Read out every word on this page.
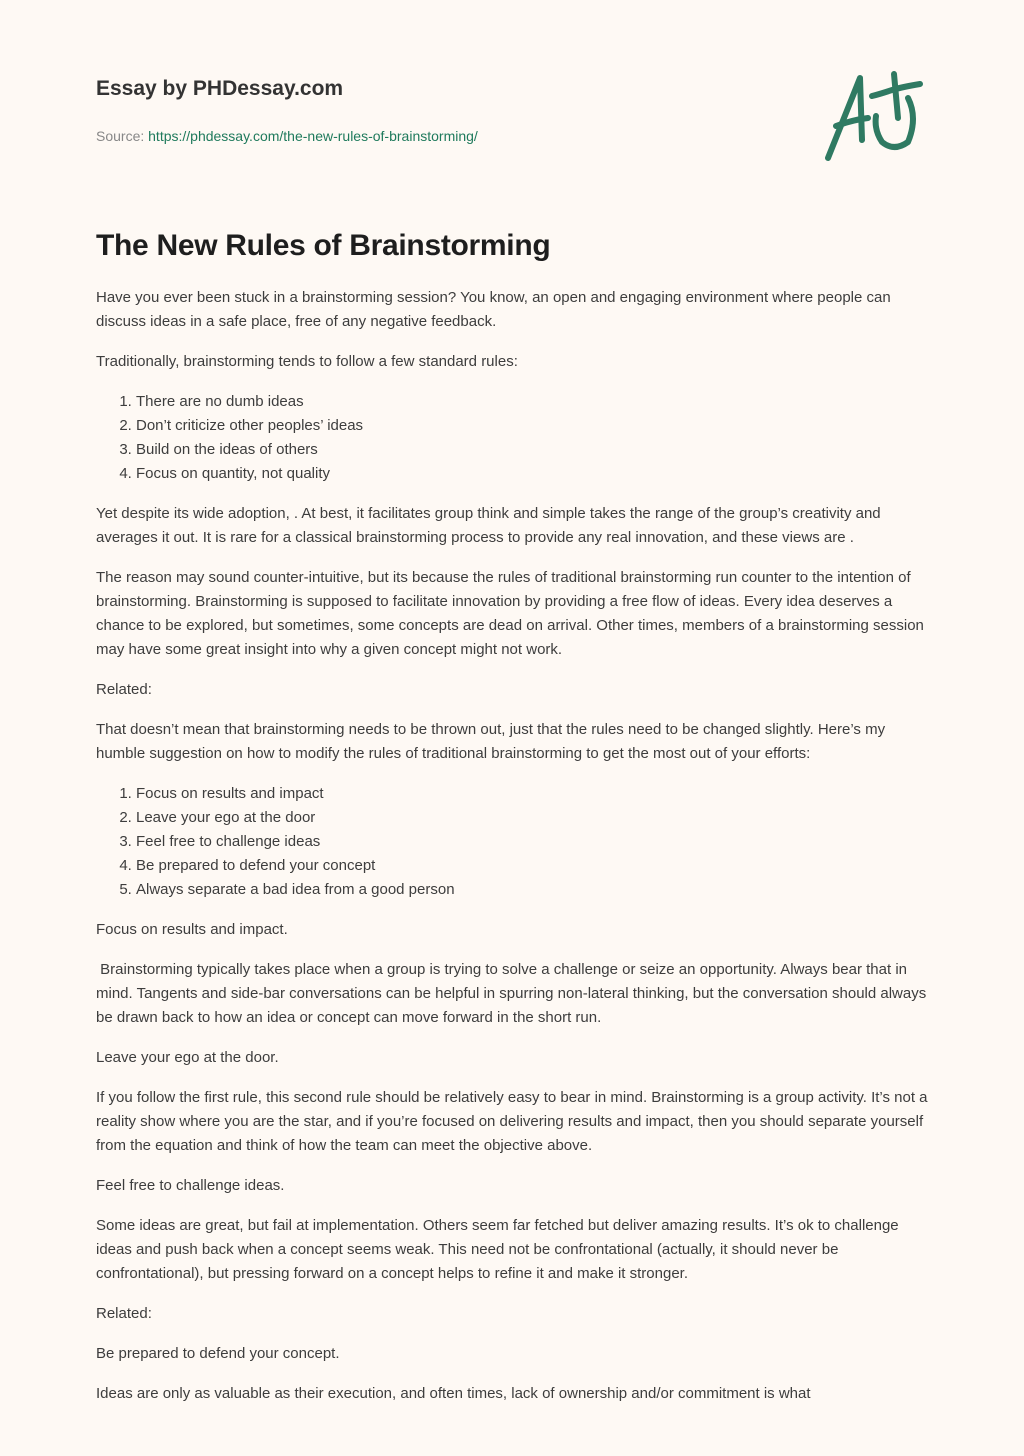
Essay by PHDessay.com

Source: https://phdessay.com/the-new-rules-of-brainstorming/

The New Rules of Brainstorming

Have you ever been stuck in a brainstorming session? You know, an open and engaging environment where people can discuss ideas in a safe place, free of any negative feedback.

Traditionally, brainstorming tends to follow a few standard rules:

1. There are no dumb ideas
2. Don’t criticize other peoples’ ideas
3. Build on the ideas of others
4. Focus on quantity, not quality

Yet despite its wide adoption, . At best, it facilitates group think and simple takes the range of the group’s creativity and averages it out. It is rare for a classical brainstorming process to provide any real innovation, and these views are .

The reason may sound counter-intuitive, but its because the rules of traditional brainstorming run counter to the intention of brainstorming. Brainstorming is supposed to facilitate innovation by providing a free flow of ideas. Every idea deserves a chance to be explored, but sometimes, some concepts are dead on arrival. Other times, members of a brainstorming session may have some great insight into why a given concept might not work.

Related:

That doesn’t mean that brainstorming needs to be thrown out, just that the rules need to be changed slightly. Here’s my humble suggestion on how to modify the rules of traditional brainstorming to get the most out of your efforts:

1. Focus on results and impact
2. Leave your ego at the door
3. Feel free to challenge ideas
4. Be prepared to defend your concept
5. Always separate a bad idea from a good person

Focus on results and impact.

Brainstorming typically takes place when a group is trying to solve a challenge or seize an opportunity. Always bear that in mind. Tangents and side-bar conversations can be helpful in spurring non-lateral thinking, but the conversation should always be drawn back to how an idea or concept can move forward in the short run.

Leave your ego at the door.

If you follow the first rule, this second rule should be relatively easy to bear in mind. Brainstorming is a group activity. It’s not a reality show where you are the star, and if you’re focused on delivering results and impact, then you should separate yourself from the equation and think of how the team can meet the objective above.

Feel free to challenge ideas.

Some ideas are great, but fail at implementation. Others seem far fetched but deliver amazing results. It’s ok to challenge ideas and push back when a concept seems weak. This need not be confrontational (actually, it should never be confrontational), but pressing forward on a concept helps to refine it and make it stronger.

Related:

Be prepared to defend your concept.

Ideas are only as valuable as their execution, and often times, lack of ownership and/or commitment is what
